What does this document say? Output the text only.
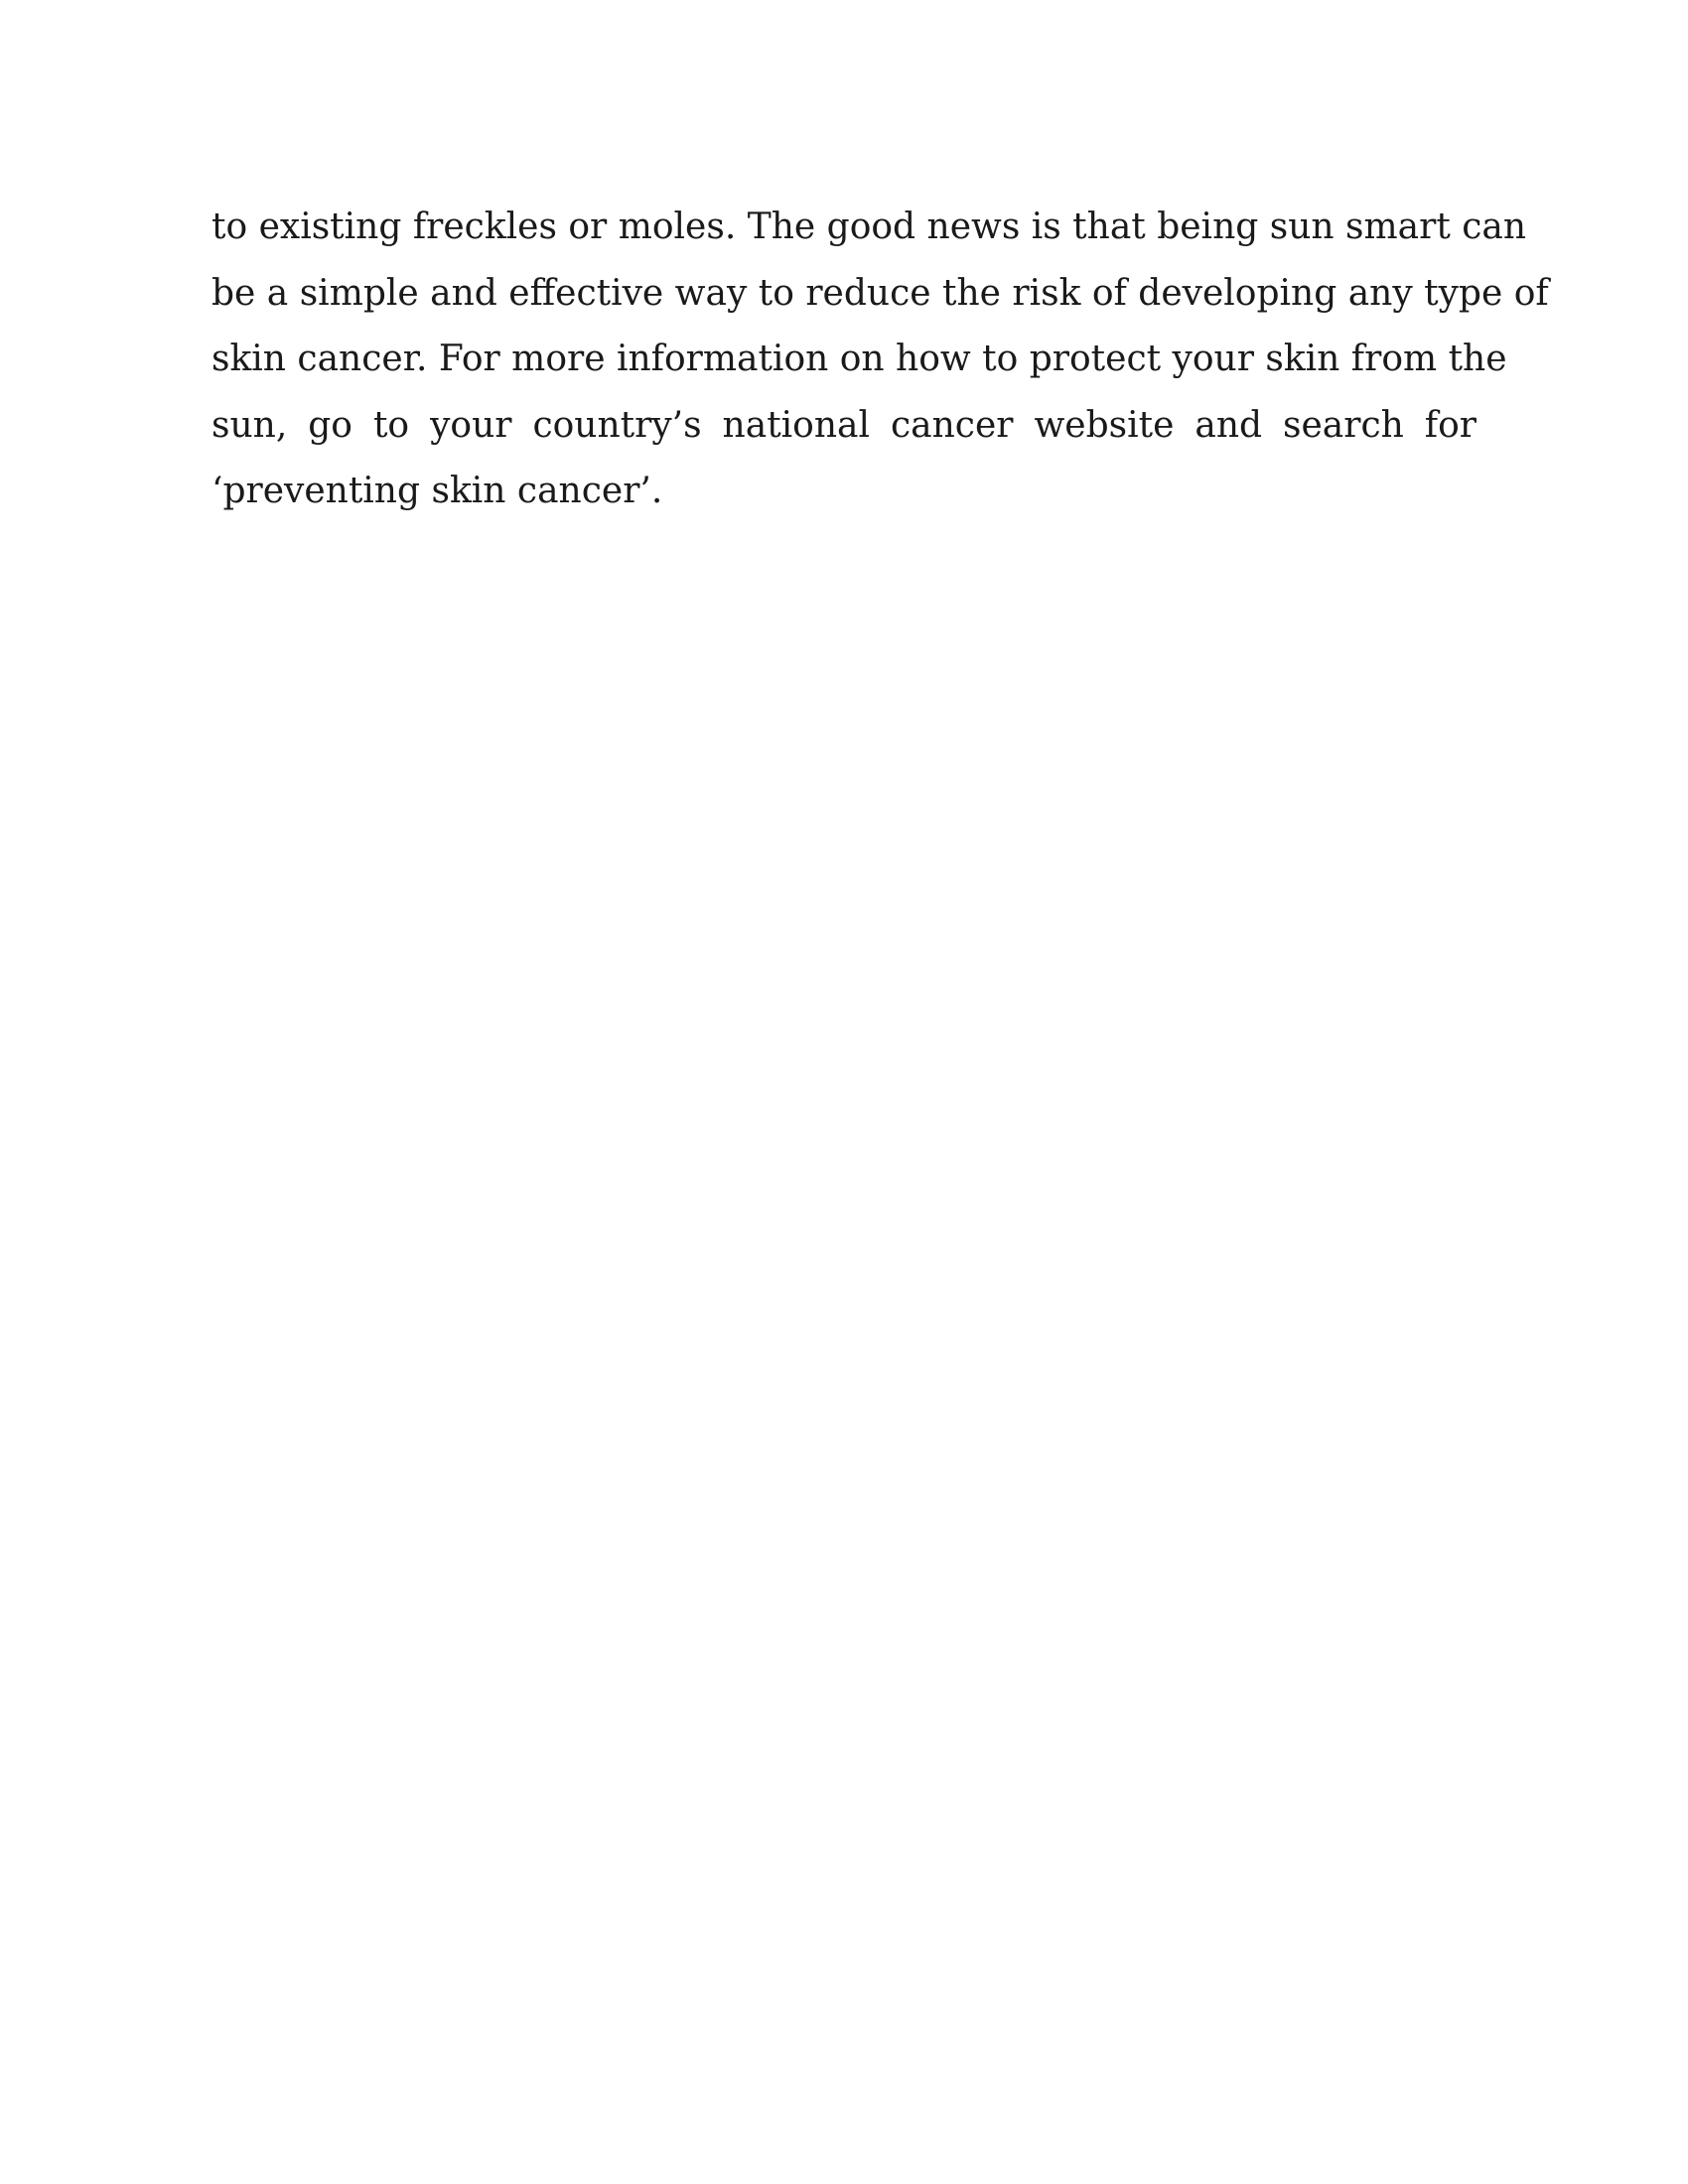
to existing freckles or moles. The good news is that being sun smart can
be a simple and effective way to reduce the risk of developing any type of
skin cancer. For more information on how to protect your skin from the
sun, go to your country’s national cancer website and search for
‘preventing skin cancer’.
